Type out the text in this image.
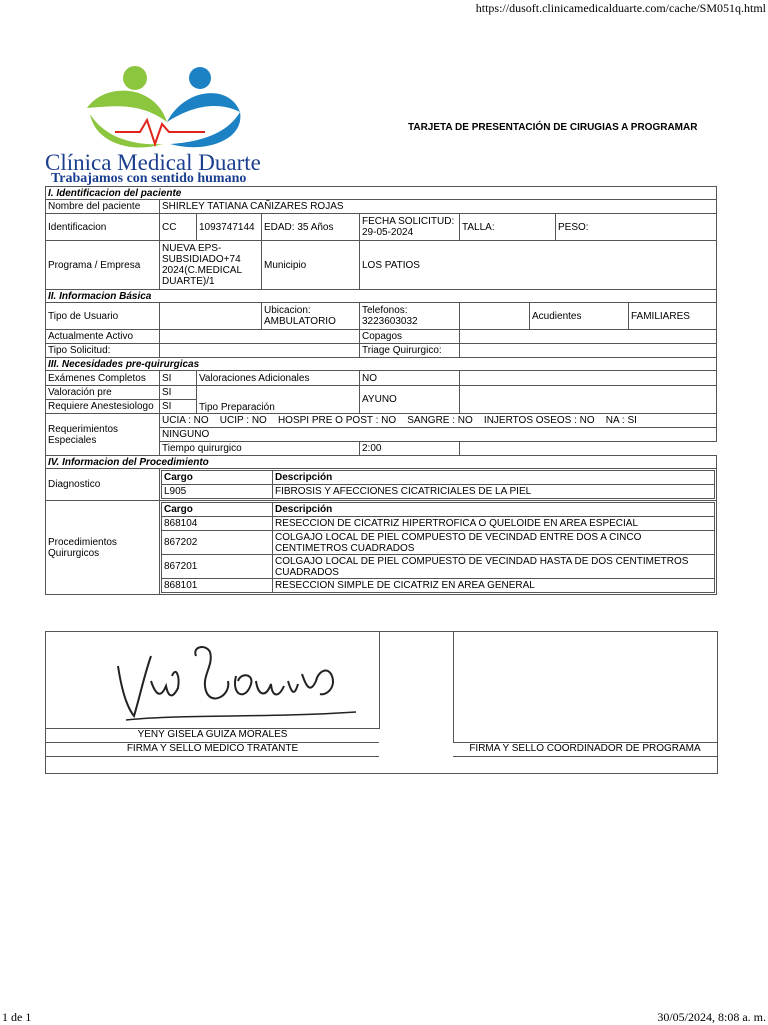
https://dusoft.clinicamedicalduarte.com/cache/SM051q.html
1 de 1	30/05/2024, 8:08 a. m.
Clínica Medical Duarte
Trabajamos con sentido humano
TARJETA DE PRESENTACIÓN DE CIRUGIAS A PROGRAMAR
I. Identificacion del paciente
Nombre del paciente	SHIRLEY TATIANA CAÑIZARES ROJAS
Identificacion	CC	1093747144	EDAD: 35 Años	FECHA SOLICITUD: 29-05-2024	TALLA:	PESO:
Programa / Empresa	NUEVA EPS-SUBSIDIADO+74 2024(C.MEDICAL DUARTE)/1	Municipio	LOS PATIOS
II. Informacion Básica
Tipo de Usuario		Ubicacion: AMBULATORIO	Telefonos: 3223603032		Acudientes	FAMILIARES
Actualmente Activo		Copagos	
Tipo Solicitud:		Triage Quirurgico:	
III. Necesidades pre-quirurgicas
Exámenes Completos	SI	Valoraciones Adicionales	NO	
Valoración pre	SI	Tipo Preparación	AYUNO	
Requiere Anestesiologo	SI
Requerimientos Especiales	UCIA : NO    UCIP : NO    HOSPI PRE O POST : NO    SANGRE : NO    INJERTOS OSEOS : NO    NA : SI
NINGUNO
Tiempo quirurgico	2:00	
IV. Informacion del Procedimiento
Diagnostico	
Cargo	Descripción
L905	FIBROSIS Y AFECCIONES CICATRICIALES DE LA PIEL

Procedimientos Quirurgicos	
Cargo	Descripción
868104	RESECCION DE CICATRIZ HIPERTROFICA O QUELOIDE EN AREA ESPECIAL
867202	COLGAJO LOCAL DE PIEL COMPUESTO DE VECINDAD ENTRE DOS A CINCO CENTIMETROS CUADRADOS
867201	COLGAJO LOCAL DE PIEL COMPUESTO DE VECINDAD HASTA DE DOS CENTIMETROS CUADRADOS
868101	RESECCION SIMPLE DE CICATRIZ EN AREA GENERAL
YENY GISELA GUIZA MORALES
FIRMA Y SELLO MEDICO TRATANTE	FIRMA Y SELLO COORDINADOR DE PROGRAMA
